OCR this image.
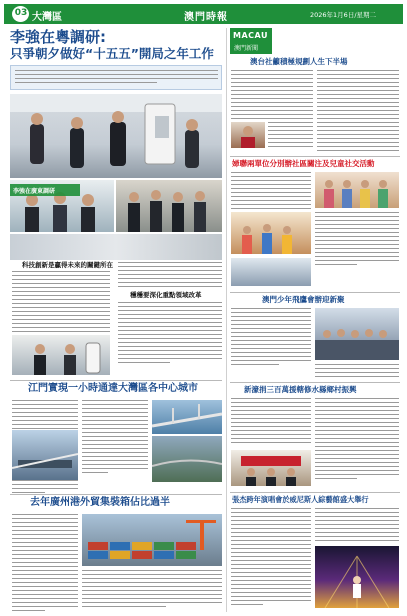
03 大灣區	澳門時報	2026年1月6日/星期二
李強在粵調研:
只爭朝夕做好“十五五”開局之年工作
李強在廣東調研
科技創新是贏得未來的關鍵所在
穩穩要深化重點領域改革
江門實現一小時通達大灣區各中心城市
去年廣州港外貿集裝箱佔比過半
MACAU
澳門新聞
澳台社籲積極規劃人生下半場
婦聯兩單位分別辦社區關注及兒童社交活動
澳門少年飛鷹會辦迎新聚
新濠捐三百萬援轄修水縣鄉村振興
張杰跨年演唱會於威尼斯人綜藝館盛大舉行
